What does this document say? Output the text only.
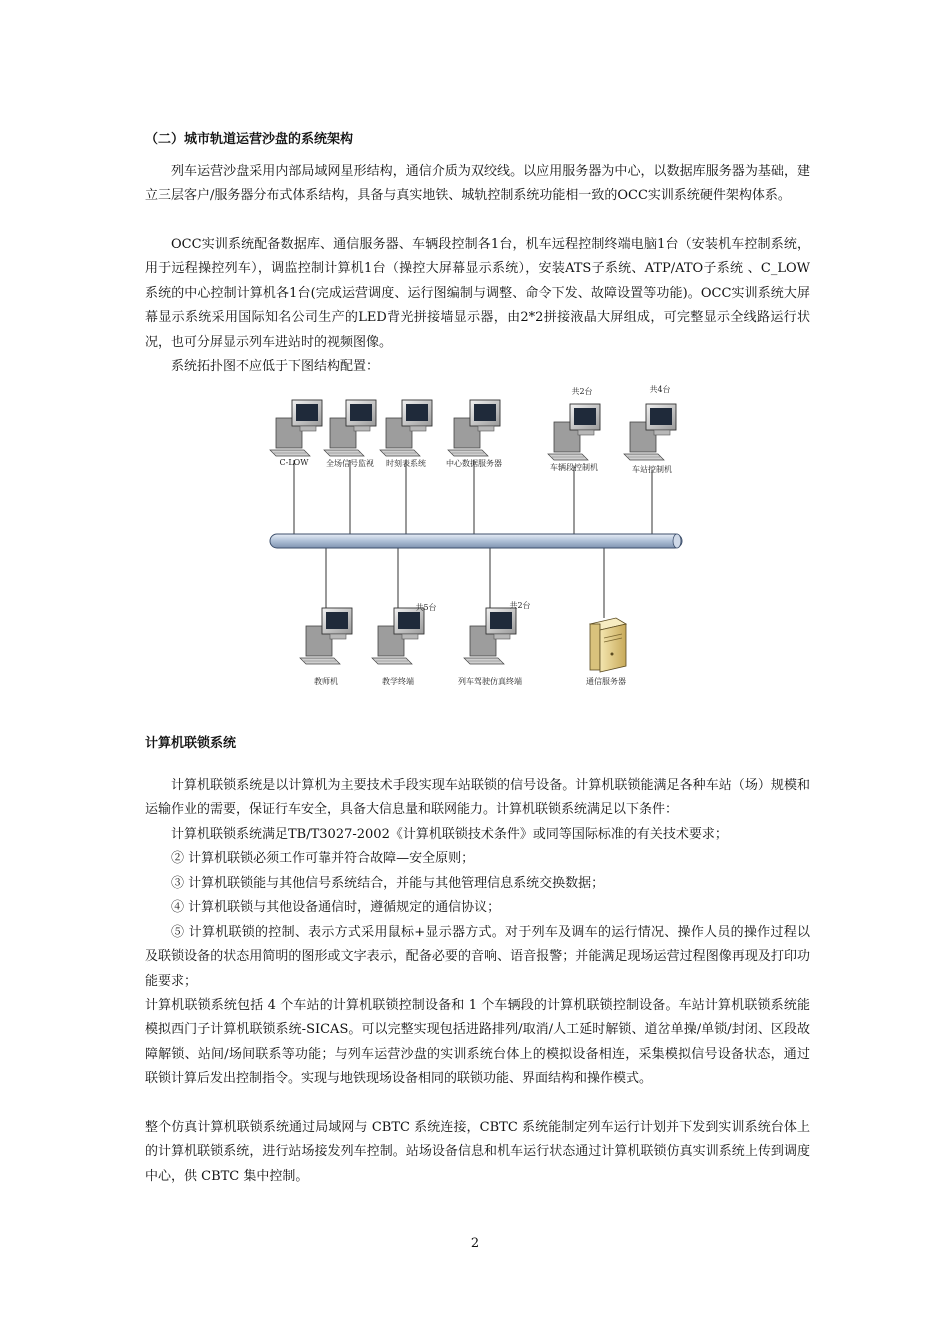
（二）城市轨道运营沙盘的系统架构

列车运营沙盘采用内部局域网星形结构，通信介质为双绞线。以应用服务器为中心，以数据库服务器为基础，建立三层客户/服务器分布式体系结构，具备与真实地铁、城轨控制系统功能相一致的OCC实训系统硬件架构体系。

OCC实训系统配备数据库、通信服务器、车辆段控制各1台，机车远程控制终端电脑1台（安装机车控制系统，用于远程操控列车），调监控制计算机1台（操控大屏幕显示系统），安装ATS子系统、ATP/ATO子系统 、C_LOW系统的中心控制计算机各1台(完成运营调度、运行图编制与调整、命令下发、故障设置等功能)。OCC实训系统大屏幕显示系统采用国际知名公司生产的LED背光拼接墙显示器，由2*2拼接液晶大屏组成，可完整显示全线路运行状况，也可分屏显示列车进站时的视频图像。

系统拓扑图不应低于下图结构配置：

C-LOW 全场信号监视 时刻表系统	中心数据服务器	车辆段控制机	车站控制机
共2台	共4台
教师机	教学终端	列车驾驶仿真终端	通信服务器
共5台	共2台
计算机联锁系统

计算机联锁系统是以计算机为主要技术手段实现车站联锁的信号设备。计算机联锁能满足各种车站（场）规模和运输作业的需要，保证行车安全，具备大信息量和联网能力。计算机联锁系统满足以下条件：

计算机联锁系统满足TB/T3027-2002《计算机联锁技术条件》或同等国际标准的有关技术要求；

② 计算机联锁必须工作可靠并符合故障—安全原则；

③ 计算机联锁能与其他信号系统结合，并能与其他管理信息系统交换数据；

④ 计算机联锁与其他设备通信时，遵循规定的通信协议；

⑤ 计算机联锁的控制、表示方式采用鼠标+显示器方式。对于列车及调车的运行情况、操作人员的操作过程以及联锁设备的状态用简明的图形或文字表示，配备必要的音响、语音报警；并能满足现场运营过程图像再现及打印功能要求；

计算机联锁系统包括 4 个车站的计算机联锁控制设备和 1 个车辆段的计算机联锁控制设备。车站计算机联锁系统能模拟西门子计算机联锁系统-SICAS。可以完整实现包括进路排列/取消/人工延时解锁、道岔单操/单锁/封闭、区段故障解锁、站间/场间联系等功能；与列车运营沙盘的实训系统台体上的模拟设备相连，采集模拟信号设备状态，通过联锁计算后发出控制指令。实现与地铁现场设备相同的联锁功能、界面结构和操作模式。

整个仿真计算机联锁系统通过局域网与 CBTC 系统连接，CBTC 系统能制定列车运行计划并下发到实训系统台体上的计算机联锁系统，进行站场接发列车控制。站场设备信息和机车运行状态通过计算机联锁仿真实训系统上传到调度中心，供 CBTC 集中控制。

2
